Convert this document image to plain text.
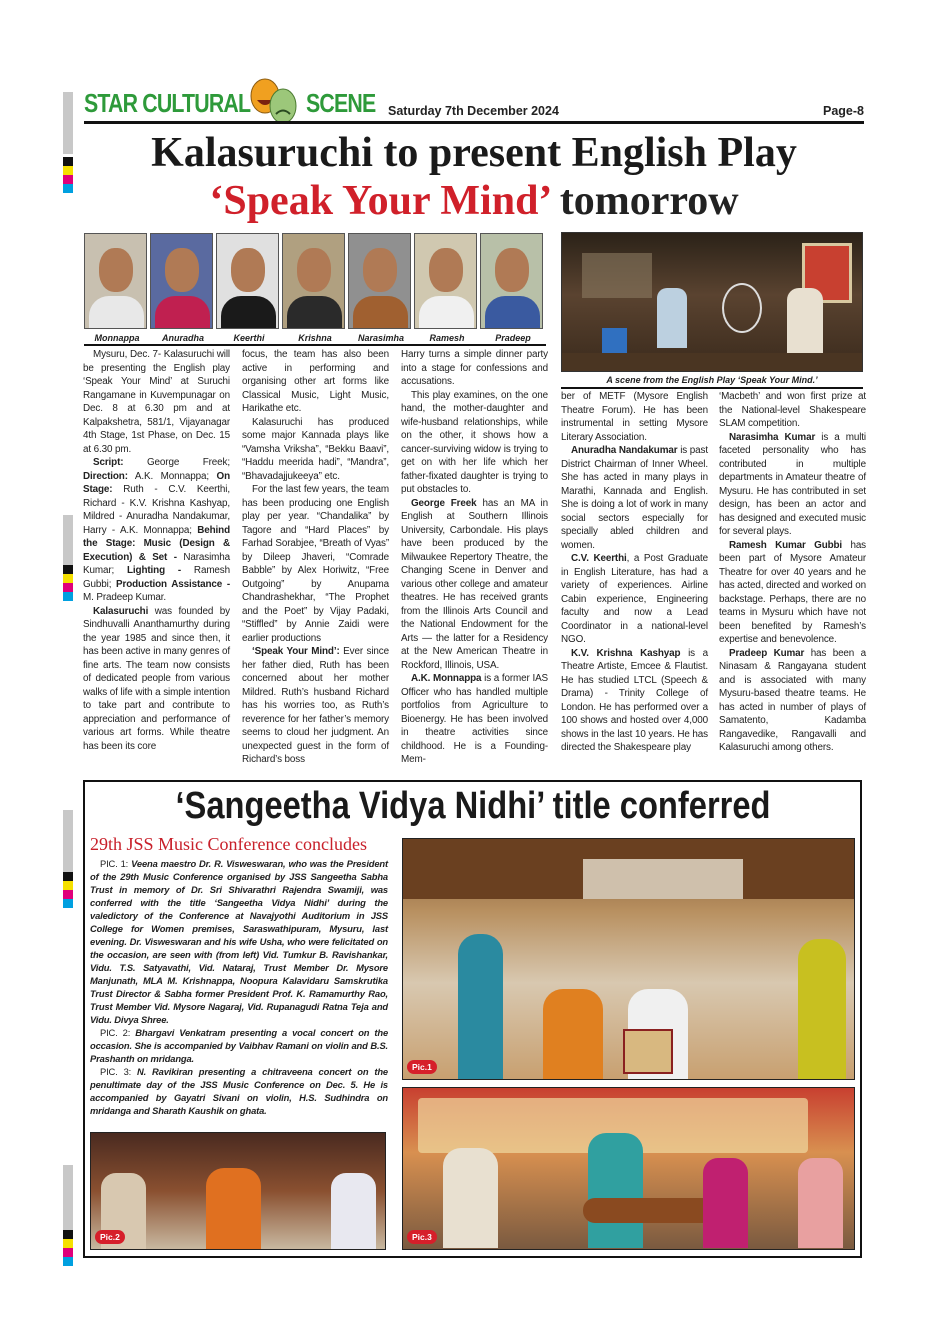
STAR CULTURAL SCENE Saturday 7th December 2024	Page-8
Kalasuruchi to present English Play
‘Speak Your Mind’ tomorrow
Monnappa	Anuradha	Keerthi	Krishna	Narasimha	Ramesh	Pradeep
A scene from the English Play ‘Speak Your Mind.’

Mysuru, Dec. 7- Kalasuruchi will be presenting the English play ‘Speak Your Mind’ at Suruchi Rangamane in Kuvempunagar on Dec. 8 at 6.30 pm and at Kalpakshetra, 581/1, Vijayanagar 4th Stage, 1st Phase, on Dec. 15 at 6.30 pm.

Script: George Freek; Direction: A.K. Monnappa; On Stage: Ruth - C.V. Keerthi, Richard - K.V. Krishna Kashyap, Mildred - Anuradha Nandakumar, Harry - A.K. Monnappa; Behind the Stage: Music (Design & Execution) & Set - Narasimha Kumar; Lighting - Ramesh Gubbi; Production Assistance - M. Pradeep Kumar.

Kalasuruchi was founded by Sindhuvalli Ananthamurthy during the year 1985 and since then, it has been active in many genres of fine arts. The team now consists of dedicated people from various walks of life with a simple intention to take part and contribute to appreciation and performance of various art forms. While theatre has been its core

focus, the team has also been active in performing and organising other art forms like Classical Music, Light Music, Harikathe etc.

Kalasuruchi has produced some major Kannada plays like “Vamsha Vriksha”, “Bekku Baavi”, “Haddu meerida hadi”, “Mandra”, “Bhavadajjukeeya” etc.

For the last few years, the team has been producing one English play per year. “Chandalika” by Tagore and “Hard Places” by Farhad Sorabjee, “Breath of Vyas” by Dileep Jhaveri, “Comrade Babble” by Alex Horiwitz, “Free Outgoing” by Anupama Chandrashekhar, “The Prophet and the Poet” by Vijay Padaki, “Stiffled” by Annie Zaidi were earlier productions

‘Speak Your Mind’: Ever since her father died, Ruth has been concerned about her mother Mildred. Ruth’s husband Richard has his worries too, as Ruth’s reverence for her father’s memory seems to cloud her judgment. An unexpected guest in the form of Richard’s boss

Harry turns a simple dinner party into a stage for confessions and accusations.

This play examines, on the one hand, the mother-daughter and wife-husband relationships, while on the other, it shows how a cancer-surviving widow is trying to get on with her life which her father-fixated daughter is trying to put obstacles to.

George Freek has an MA in English at Southern Illinois University, Carbondale. His plays have been produced by the Milwaukee Repertory Theatre, the Changing Scene in Denver and various other college and amateur theatres. He has received grants from the Illinois Arts Council and the National Endowment for the Arts — the latter for a Residency at the New American Theatre in Rockford, Illinois, USA.

A.K. Monnappa is a former IAS Officer who has handled multiple portfolios from Agriculture to Bioenergy. He has been involved in theatre activities since childhood. He is a Founding-Mem-

ber of METF (Mysore English Theatre Forum). He has been instrumental in setting Mysore Literary Association.

Anuradha Nandakumar is past District Chairman of Inner Wheel. She has acted in many plays in Marathi, Kannada and English. She is doing a lot of work in many social sectors especially for specially abled children and women.

C.V. Keerthi, a Post Graduate in English Literature, has had a variety of experiences. Airline Cabin experience, Engineering faculty and now a Lead Coordinator in a national-level NGO.

K.V. Krishna Kashyap is a Theatre Artiste, Emcee & Flautist. He has studied LTCL (Speech & Drama) - Trinity College of London. He has performed over a 100 shows and hosted over 4,000 shows in the last 10 years. He has directed the Shakespeare play

‘Macbeth’ and won first prize at the National-level Shakespeare SLAM competition.

Narasimha Kumar is a multi faceted personality who has contributed in multiple departments in Amateur theatre of Mysuru. He has contributed in set design, has been an actor and has designed and executed music for several plays.

Ramesh Kumar Gubbi has been part of Mysore Amateur Theatre for over 40 years and he has acted, directed and worked on backstage. Perhaps, there are no teams in Mysuru which have not been benefited by Ramesh’s expertise and benevolence.

Pradeep Kumar has been a Ninasam & Rangayana student and is associated with many Mysuru-based theatre teams. He has acted in number of plays of Samatento, Kadamba Rangavedike, Rangavalli and Kalasuruchi among others.

‘Sangeetha Vidya Nidhi’ title conferred
29th JSS Music Conference concludes

PIC. 1: Veena maestro Dr. R. Visweswaran, who was the President of the 29th Music Conference organised by JSS Sangeetha Sabha Trust in memory of Dr. Sri Shivarathri Rajendra Swamiji, was conferred with the title ‘Sangeetha Vidya Nidhi’ during the valedictory of the Conference at Navajyothi Auditorium in JSS College for Women premises, Saraswathipuram, Mysuru, last evening. Dr. Visweswaran and his wife Usha, who were felicitated on the occasion, are seen with (from left) Vid. Tumkur B. Ravishankar, Vidu. T.S. Satyavathi, Vid. Nataraj, Trust Member Dr. Mysore Manjunath, MLA M. Krishnappa, Noopura Kalavidaru Samskrutika Trust Director & Sabha former President Prof. K. Ramamurthy Rao, Trust Member Vid. Mysore Nagaraj, Vid. Rupanagudi Ratna Teja and Vidu. Divya Shree.

PIC. 2: Bhargavi Venkatram presenting a vocal concert on the occasion. She is accompanied by Vaibhav Ramani on violin and B.S. Prashanth on mridanga.

PIC. 3: N. Ravikiran presenting a chitraveena concert on the penultimate day of the JSS Music Conference on Dec. 5. He is accompanied by Gayatri Sivani on violin, H.S. Sudhindra on mridanga and Sharath Kaushik on ghata.

Pic.1
Pic.2	Pic.3
